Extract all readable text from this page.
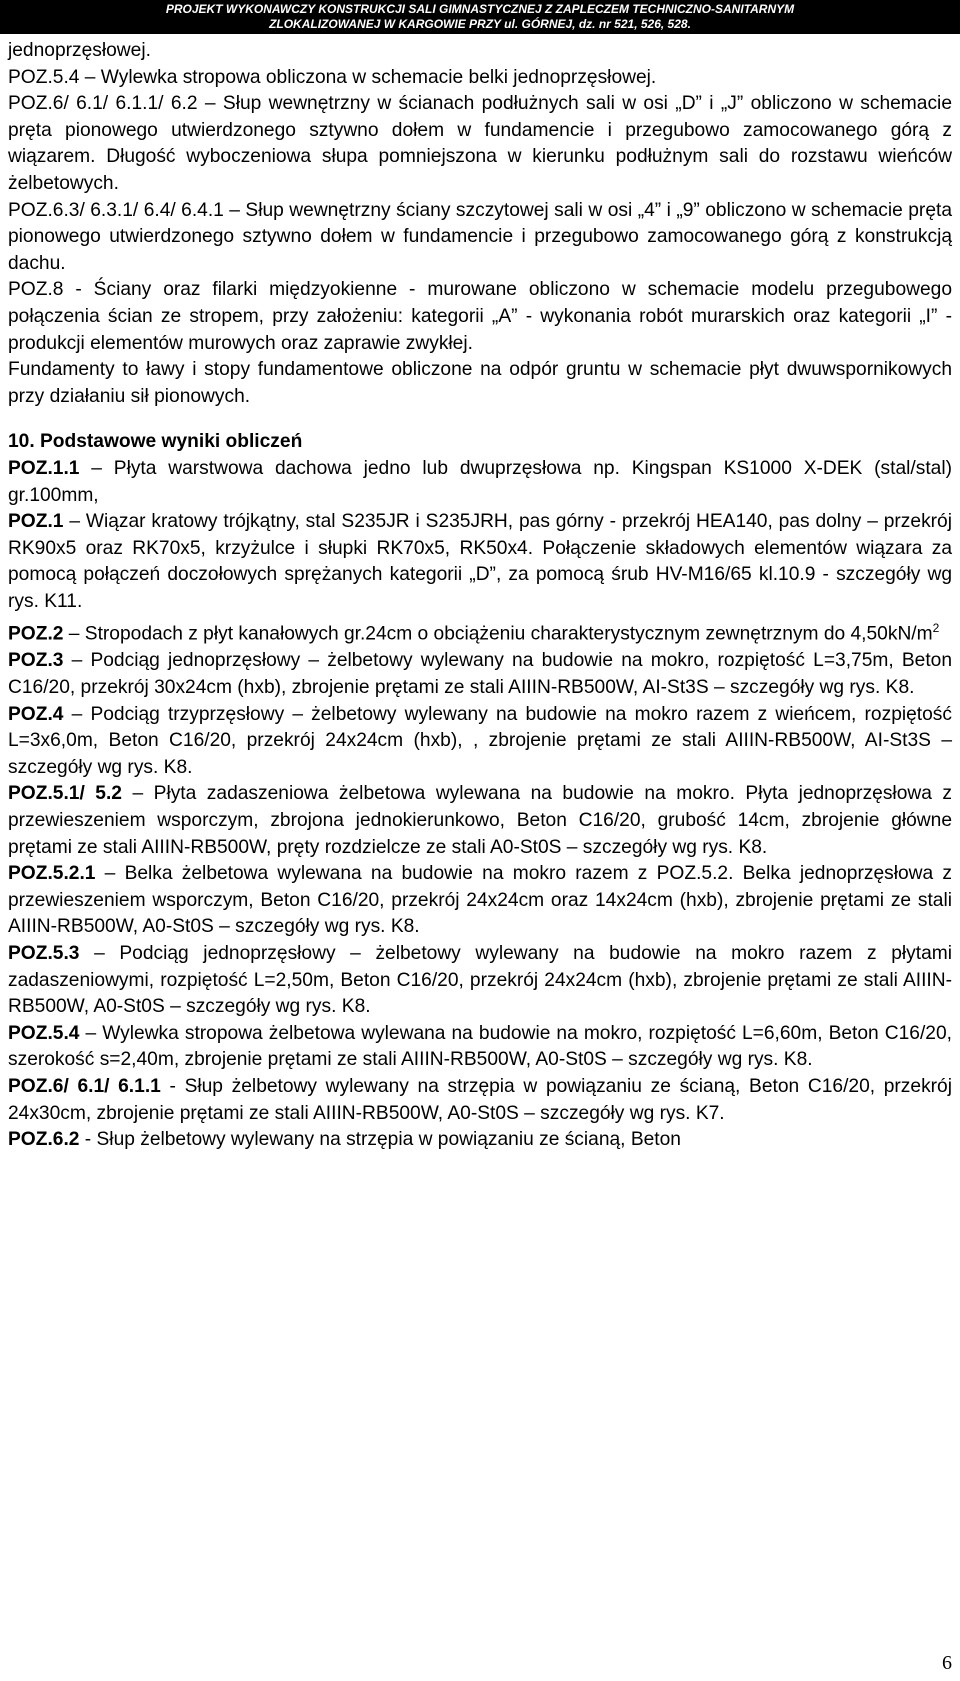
PROJEKT WYKONAWCZY KONSTRUKCJI SALI GIMNASTYCZNEJ Z ZAPLECZEM TECHNICZNO-SANITARNYM
ZLOKALIZOWANEJ W KARGOWIE PRZY ul. GÓRNEJ, dz. nr 521, 526, 528.

jednoprzęsłowej.

POZ.5.4 – Wylewka stropowa obliczona w schemacie belki jednoprzęsłowej.

POZ.6/ 6.1/ 6.1.1/ 6.2 – Słup wewnętrzny w ścianach podłużnych sali w osi „D” i „J” obliczono w schemacie pręta pionowego utwierdzonego sztywno dołem w fundamencie i przegubowo zamocowanego górą z wiązarem. Długość wyboczeniowa słupa pomniejszona w kierunku podłużnym sali do rozstawu wieńców żelbetowych.

POZ.6.3/ 6.3.1/ 6.4/ 6.4.1 – Słup wewnętrzny ściany szczytowej sali w osi „4” i „9” obliczono w schemacie pręta pionowego utwierdzonego sztywno dołem w fundamencie i przegubowo zamocowanego górą z konstrukcją dachu.

POZ.8 - Ściany oraz filarki międzyokienne - murowane obliczono w schemacie modelu przegubowego połączenia ścian ze stropem, przy założeniu: kategorii „A” - wykonania robót murarskich oraz kategorii „I” - produkcji elementów murowych oraz zaprawie zwykłej.

Fundamenty to ławy i stopy fundamentowe obliczone na odpór gruntu w schemacie płyt dwuwspornikowych przy działaniu sił pionowych.

10. Podstawowe wyniki obliczeń

POZ.1.1 – Płyta warstwowa dachowa jedno lub dwuprzęsłowa np. Kingspan KS1000 X-DEK (stal/stal) gr.100mm,

POZ.1 – Wiązar kratowy trójkątny, stal S235JR i S235JRH, pas górny - przekrój HEA140, pas dolny – przekrój RK90x5 oraz RK70x5, krzyżulce i słupki RK70x5, RK50x4. Połączenie składowych elementów wiązara za pomocą połączeń doczołowych sprężanych kategorii „D”, za pomocą śrub HV-M16/65 kl.10.9 - szczegóły wg rys. K11.

POZ.2 – Stropodach z płyt kanałowych gr.24cm o obciążeniu charakterystycznym zewnętrznym do $4,50kN/m^2$

POZ.3 – Podciąg jednoprzęsłowy – żelbetowy wylewany na budowie na mokro, rozpiętość L=3,75m, Beton C16/20, przekrój 30x24cm (hxb), zbrojenie prętami ze stali AIIIN-RB500W, AI-St3S – szczegóły wg rys. K8.

POZ.4 – Podciąg trzyprzęsłowy – żelbetowy wylewany na budowie na mokro razem z wieńcem, rozpiętość L=3x6,0m, Beton C16/20, przekrój 24x24cm (hxb), , zbrojenie prętami ze stali AIIIN-RB500W, AI-St3S – szczegóły wg rys. K8.

POZ.5.1/ 5.2 – Płyta zadaszeniowa żelbetowa wylewana na budowie na mokro. Płyta jednoprzęsłowa z przewieszeniem wsporczym, zbrojona jednokierunkowo, Beton C16/20, grubość 14cm, zbrojenie główne prętami ze stali AIIIN-RB500W, pręty rozdzielcze ze stali A0-St0S – szczegóły wg rys. K8.

POZ.5.2.1 – Belka żelbetowa wylewana na budowie na mokro razem z POZ.5.2. Belka jednoprzęsłowa z przewieszeniem wsporczym, Beton C16/20, przekrój 24x24cm oraz 14x24cm (hxb), zbrojenie prętami ze stali AIIIN-RB500W, A0-St0S – szczegóły wg rys. K8.

POZ.5.3 – Podciąg jednoprzęsłowy – żelbetowy wylewany na budowie na mokro razem z płytami zadaszeniowymi, rozpiętość L=2,50m, Beton C16/20, przekrój 24x24cm (hxb), zbrojenie prętami ze stali AIIIN-RB500W, A0-St0S – szczegóły wg rys. K8.

POZ.5.4 – Wylewka stropowa żelbetowa wylewana na budowie na mokro, rozpiętość L=6,60m, Beton C16/20, szerokość s=2,40m, zbrojenie prętami ze stali AIIIN-RB500W, A0-St0S – szczegóły wg rys. K8.

POZ.6/ 6.1/ 6.1.1 - Słup żelbetowy wylewany na strzępia w powiązaniu ze ścianą, Beton C16/20, przekrój 24x30cm, zbrojenie prętami ze stali AIIIN-RB500W, A0-St0S – szczegóły wg rys. K7.

POZ.6.2 - Słup żelbetowy wylewany na strzępia w powiązaniu ze ścianą, Beton

6
